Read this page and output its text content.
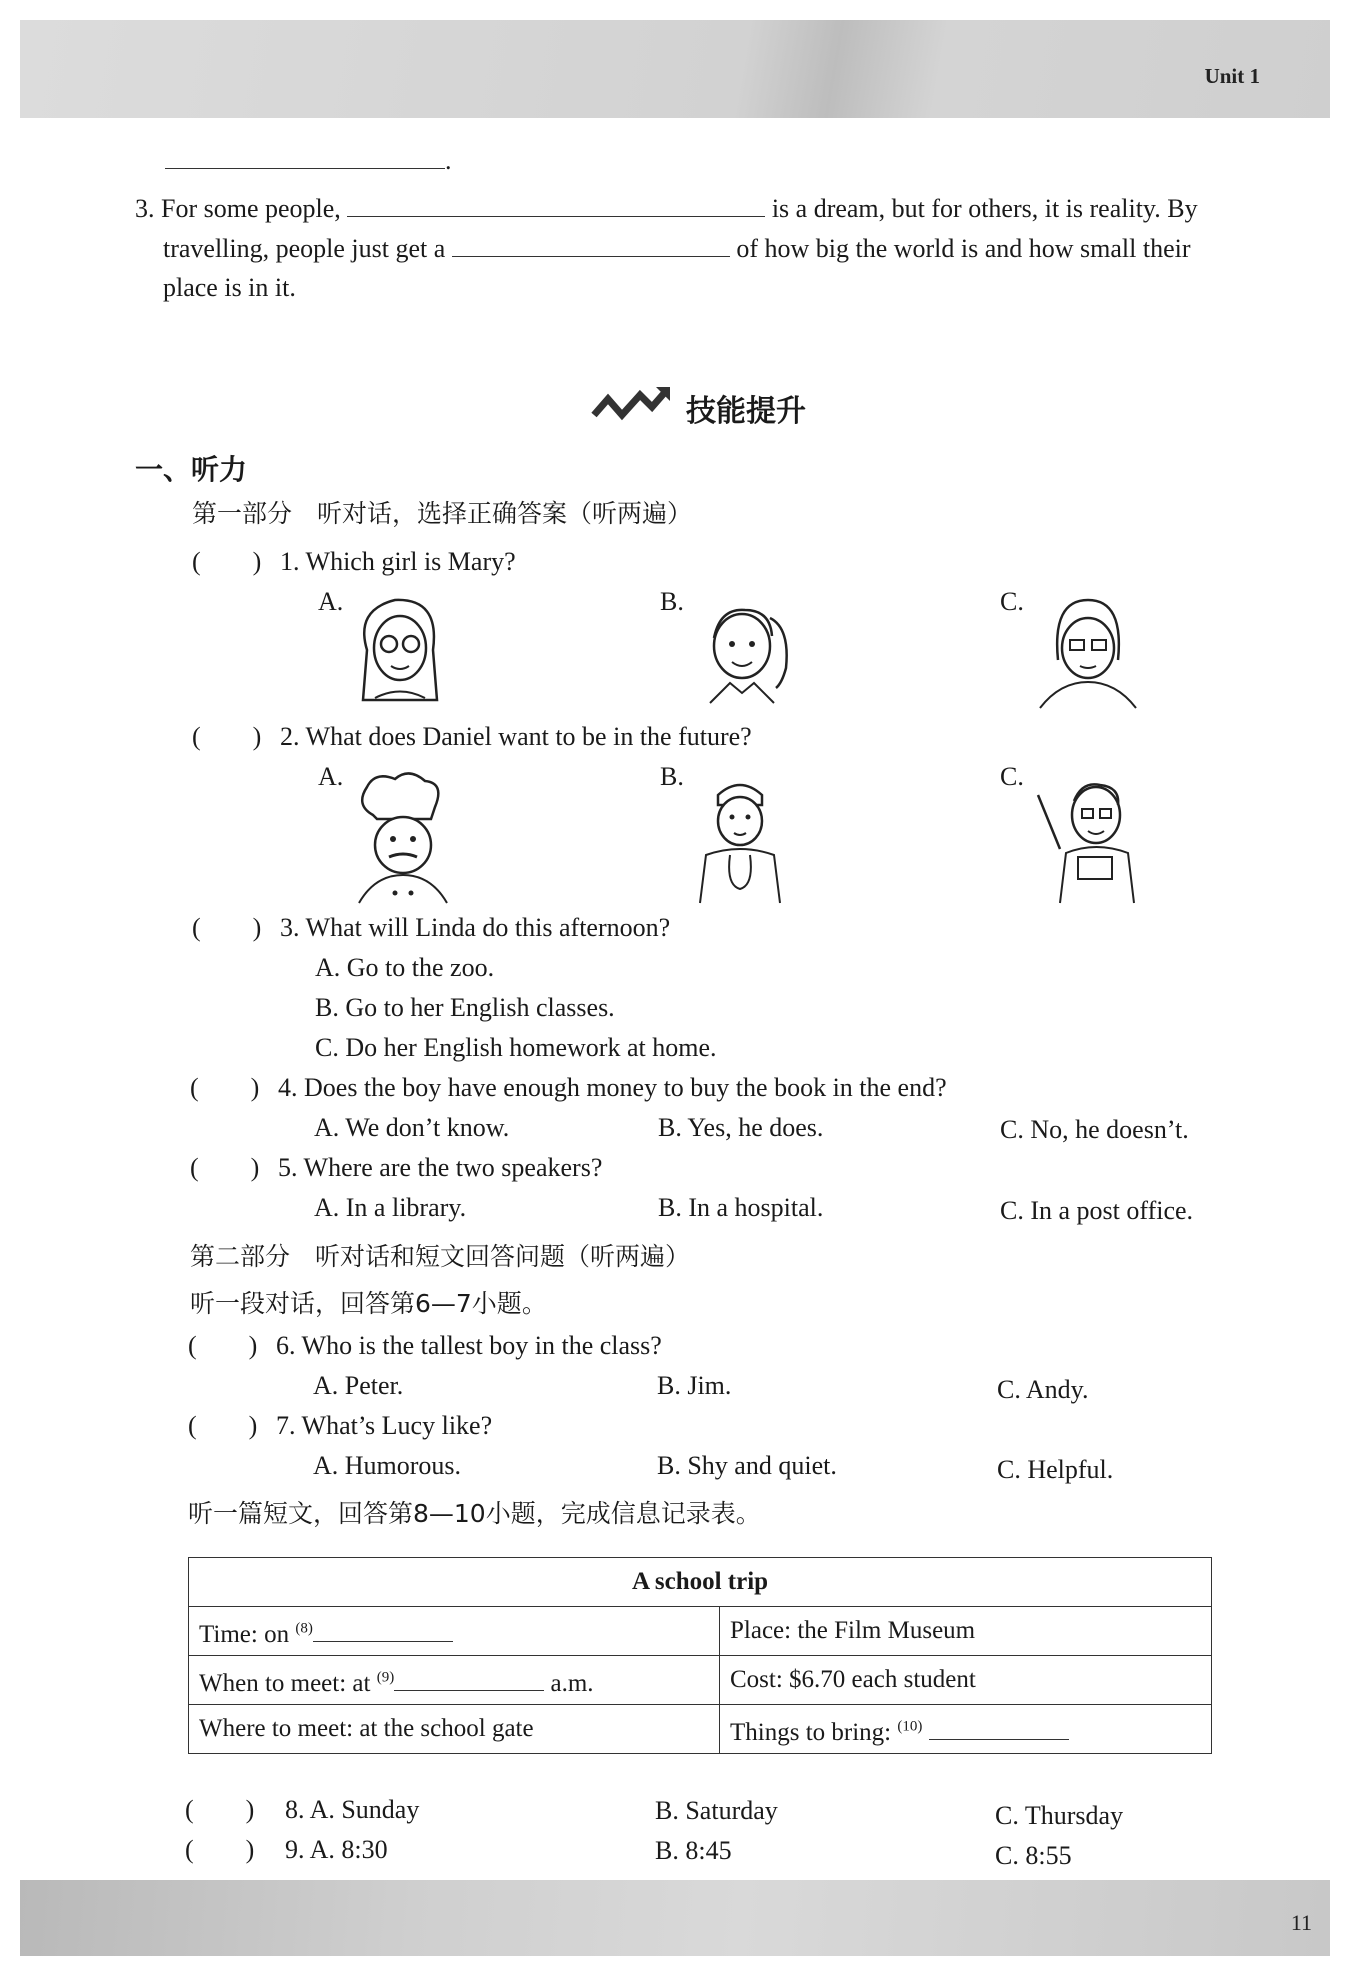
Unit 1
.
3. For some people,	is a dream, but for others, it is reality. By
travelling, people just get a	of how big the world is and how small their
place is in it.
技能提升
一、听力
第一部分　听对话，选择正确答案（听两遍）
(　　) 1. Which girl is Mary?
A.	B.	C.
(　　) 2. What does Daniel want to be in the future?
A.	B.	C.
(　　) 3. What will Linda do this afternoon?
A. Go to the zoo.
B. Go to her English classes.
C. Do her English homework at home.
(　　) 4. Does the boy have enough money to buy the book in the end?
A. We don’t know.	B. Yes, he does.	C. No, he doesn’t.
(　　) 5. Where are the two speakers?
A. In a library.	B. In a hospital.	C. In a post office.
第二部分　听对话和短文回答问题（听两遍）
听一段对话，回答第6—7小题。
(　　) 6. Who is the tallest boy in the class?
A. Peter.	B. Jim.	C. Andy.
(　　) 7. What’s Lucy like?
A. Humorous.	B. Shy and quiet.	C. Helpful.
听一篇短文，回答第8—10小题，完成信息记录表。
A school trip	
Time: on $^{(8)}$	Place: the Film Museum
When to meet: at $^{(9)}$ a.m.	Cost: $6.70 each student
Where to meet: at the school gate	Things to bring: $^{(10)}$
(　　) 8. A. Sunday	B. Saturday	C. Thursday
(　　) 9. A. 8:30	B. 8:45	C. 8:55
11
